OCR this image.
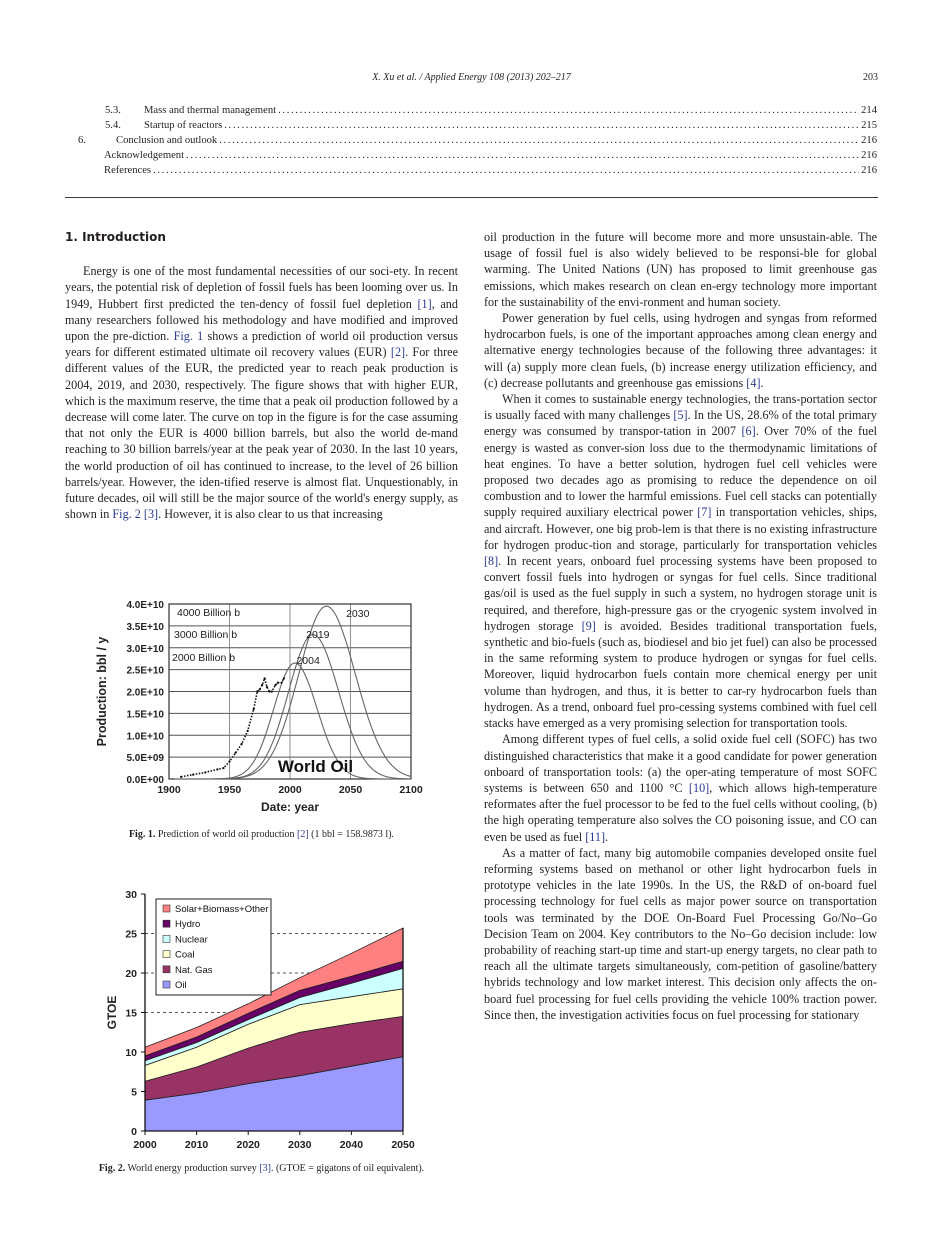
X. Xu et al. / Applied Energy 108 (2013) 202–217	203
5.3.	Mass and thermal management . . .	214
5.4.	Startup of reactors . . .	215
6.	Conclusion and outlook . . .	216
Acknowledgement . . .	216
References . . .	216
1. Introduction

Energy is one of the most fundamental necessities of our soci-ety. In recent years, the potential risk of depletion of fossil fuels has been looming over us. In 1949, Hubbert first predicted the ten-dency of fossil fuel depletion [1], and many researchers followed his methodology and have modified and improved upon the pre-diction. Fig. 1 shows a prediction of world oil production versus years for different estimated ultimate oil recovery values (EUR) [2]. For three different values of the EUR, the predicted year to reach peak production is 2004, 2019, and 2030, respectively. The figure shows that with higher EUR, which is the maximum reserve, the time that a peak oil production followed by a decrease will come later. The curve on top in the figure is for the case assuming that not only the EUR is 4000 billion barrels, but also the world de-mand reaching to 30 billion barrels/year at the peak year of 2030. In the last 10 years, the world production of oil has continued to increase, to the level of 26 billion barrels/year. However, the iden-tified reserve is almost flat. Unquestionably, in future decades, oil will still be the major source of the world's energy supply, as shown in Fig. 2 [3]. However, it is also clear to us that increasing

oil production in the future will become more and more unsustain-able. The usage of fossil fuel is also widely believed to be responsi-ble for global warming. The United Nations (UN) has proposed to limit greenhouse gas emissions, which makes research on clean en-ergy technology more important for the sustainability of the envi-ronment and human society.

Power generation by fuel cells, using hydrogen and syngas from reformed hydrocarbon fuels, is one of the important approaches among clean energy and alternative energy technologies because of the following three advantages: it will (a) supply more clean fuels, (b) increase energy utilization efficiency, and (c) decrease pollutants and greenhouse gas emissions [4].

When it comes to sustainable energy technologies, the trans-portation sector is usually faced with many challenges [5]. In the US, 28.6% of the total primary energy was consumed by transpor-tation in 2007 [6]. Over 70% of the fuel energy is wasted as conver-sion loss due to the thermodynamic limitations of heat engines. To have a better solution, hydrogen fuel cell vehicles were proposed two decades ago as promising to reduce the dependence on oil combustion and to lower the harmful emissions. Fuel cell stacks can potentially supply required auxiliary electrical power [7] in transportation vehicles, ships, and aircraft. However, one big prob-lem is that there is no existing infrastructure for hydrogen produc-tion and storage, particularly for transportation vehicles [8]. In recent years, onboard fuel processing systems have been proposed to convert fossil fuels into hydrogen or syngas for fuel cells. Since traditional gas/oil is used as the fuel supply in such a system, no hydrogen storage unit is required, and therefore, high-pressure gas or the cryogenic system involved in hydrogen storage [9] is avoided. Besides traditional transportation fuels, synthetic and bio-fuels (such as, biodiesel and bio jet fuel) can also be processed in the same reforming system to produce hydrogen or syngas for fuel cells. Moreover, liquid hydrocarbon fuels contain more chemical energy per unit volume than hydrogen, and thus, it is better to car-ry hydrocarbon fuels than hydrogen. As a trend, onboard fuel pro-cessing systems combined with fuel cell stacks have emerged as a very promising selection for transportation tools.

Among different types of fuel cells, a solid oxide fuel cell (SOFC) has two distinguished characteristics that make it a good candidate for power generation onboard of transportation tools: (a) the oper-ating temperature of most SOFC systems is between 650 and 1100 °C [10], which allows high-temperature reformates after the fuel processor to be fed to the fuel cells without cooling, (b) the high operating temperature also solves the CO poisoning issue, and CO can even be used as fuel [11].

As a matter of fact, many big automobile companies developed onsite fuel reforming systems based on methanol or other light hydrocarbon fuels in prototype vehicles in the late 1990s. In the US, the R&D of on-board fuel processing technology for fuel cells as major power source on transportation tools was terminated by the DOE On-Board Fuel Processing Go/No–Go Decision Team on 2004. Key contributors to the No–Go decision include: low probability of reaching start-up time and start-up energy targets, no clear path to reach all the ultimate targets simultaneously, com-petition of gasoline/battery hybrids technology and low market interest. This decision only affects the on-board fuel processing for fuel cells providing the vehicle 100% traction power. Since then, the investigation activities focus on fuel processing for stationary

0.0E+00
5.0E+09
1.0E+10
1.5E+10
2.0E+10
2.5E+10
3.0E+10
3.5E+10
4.0E+10
1900	1950	2000	2050	2100
4000 Billion b
3000 Billion b
2000 Billion b
2030
2019
2004
World Oil
Date: year
Production: bbl / y
Fig. 1. Prediction of world oil production [2] (1 bbl = 158.9873 l).
0
5
10
15
20
25
30
2000	2010	2020	2030	2040	2050
GTOE
Solar+Biomass+Other
Hydro
Nuclear
Coal
Nat. Gas
Oil
Fig. 2. World energy production survey [3]. (GTOE = gigatons of oil equivalent).
